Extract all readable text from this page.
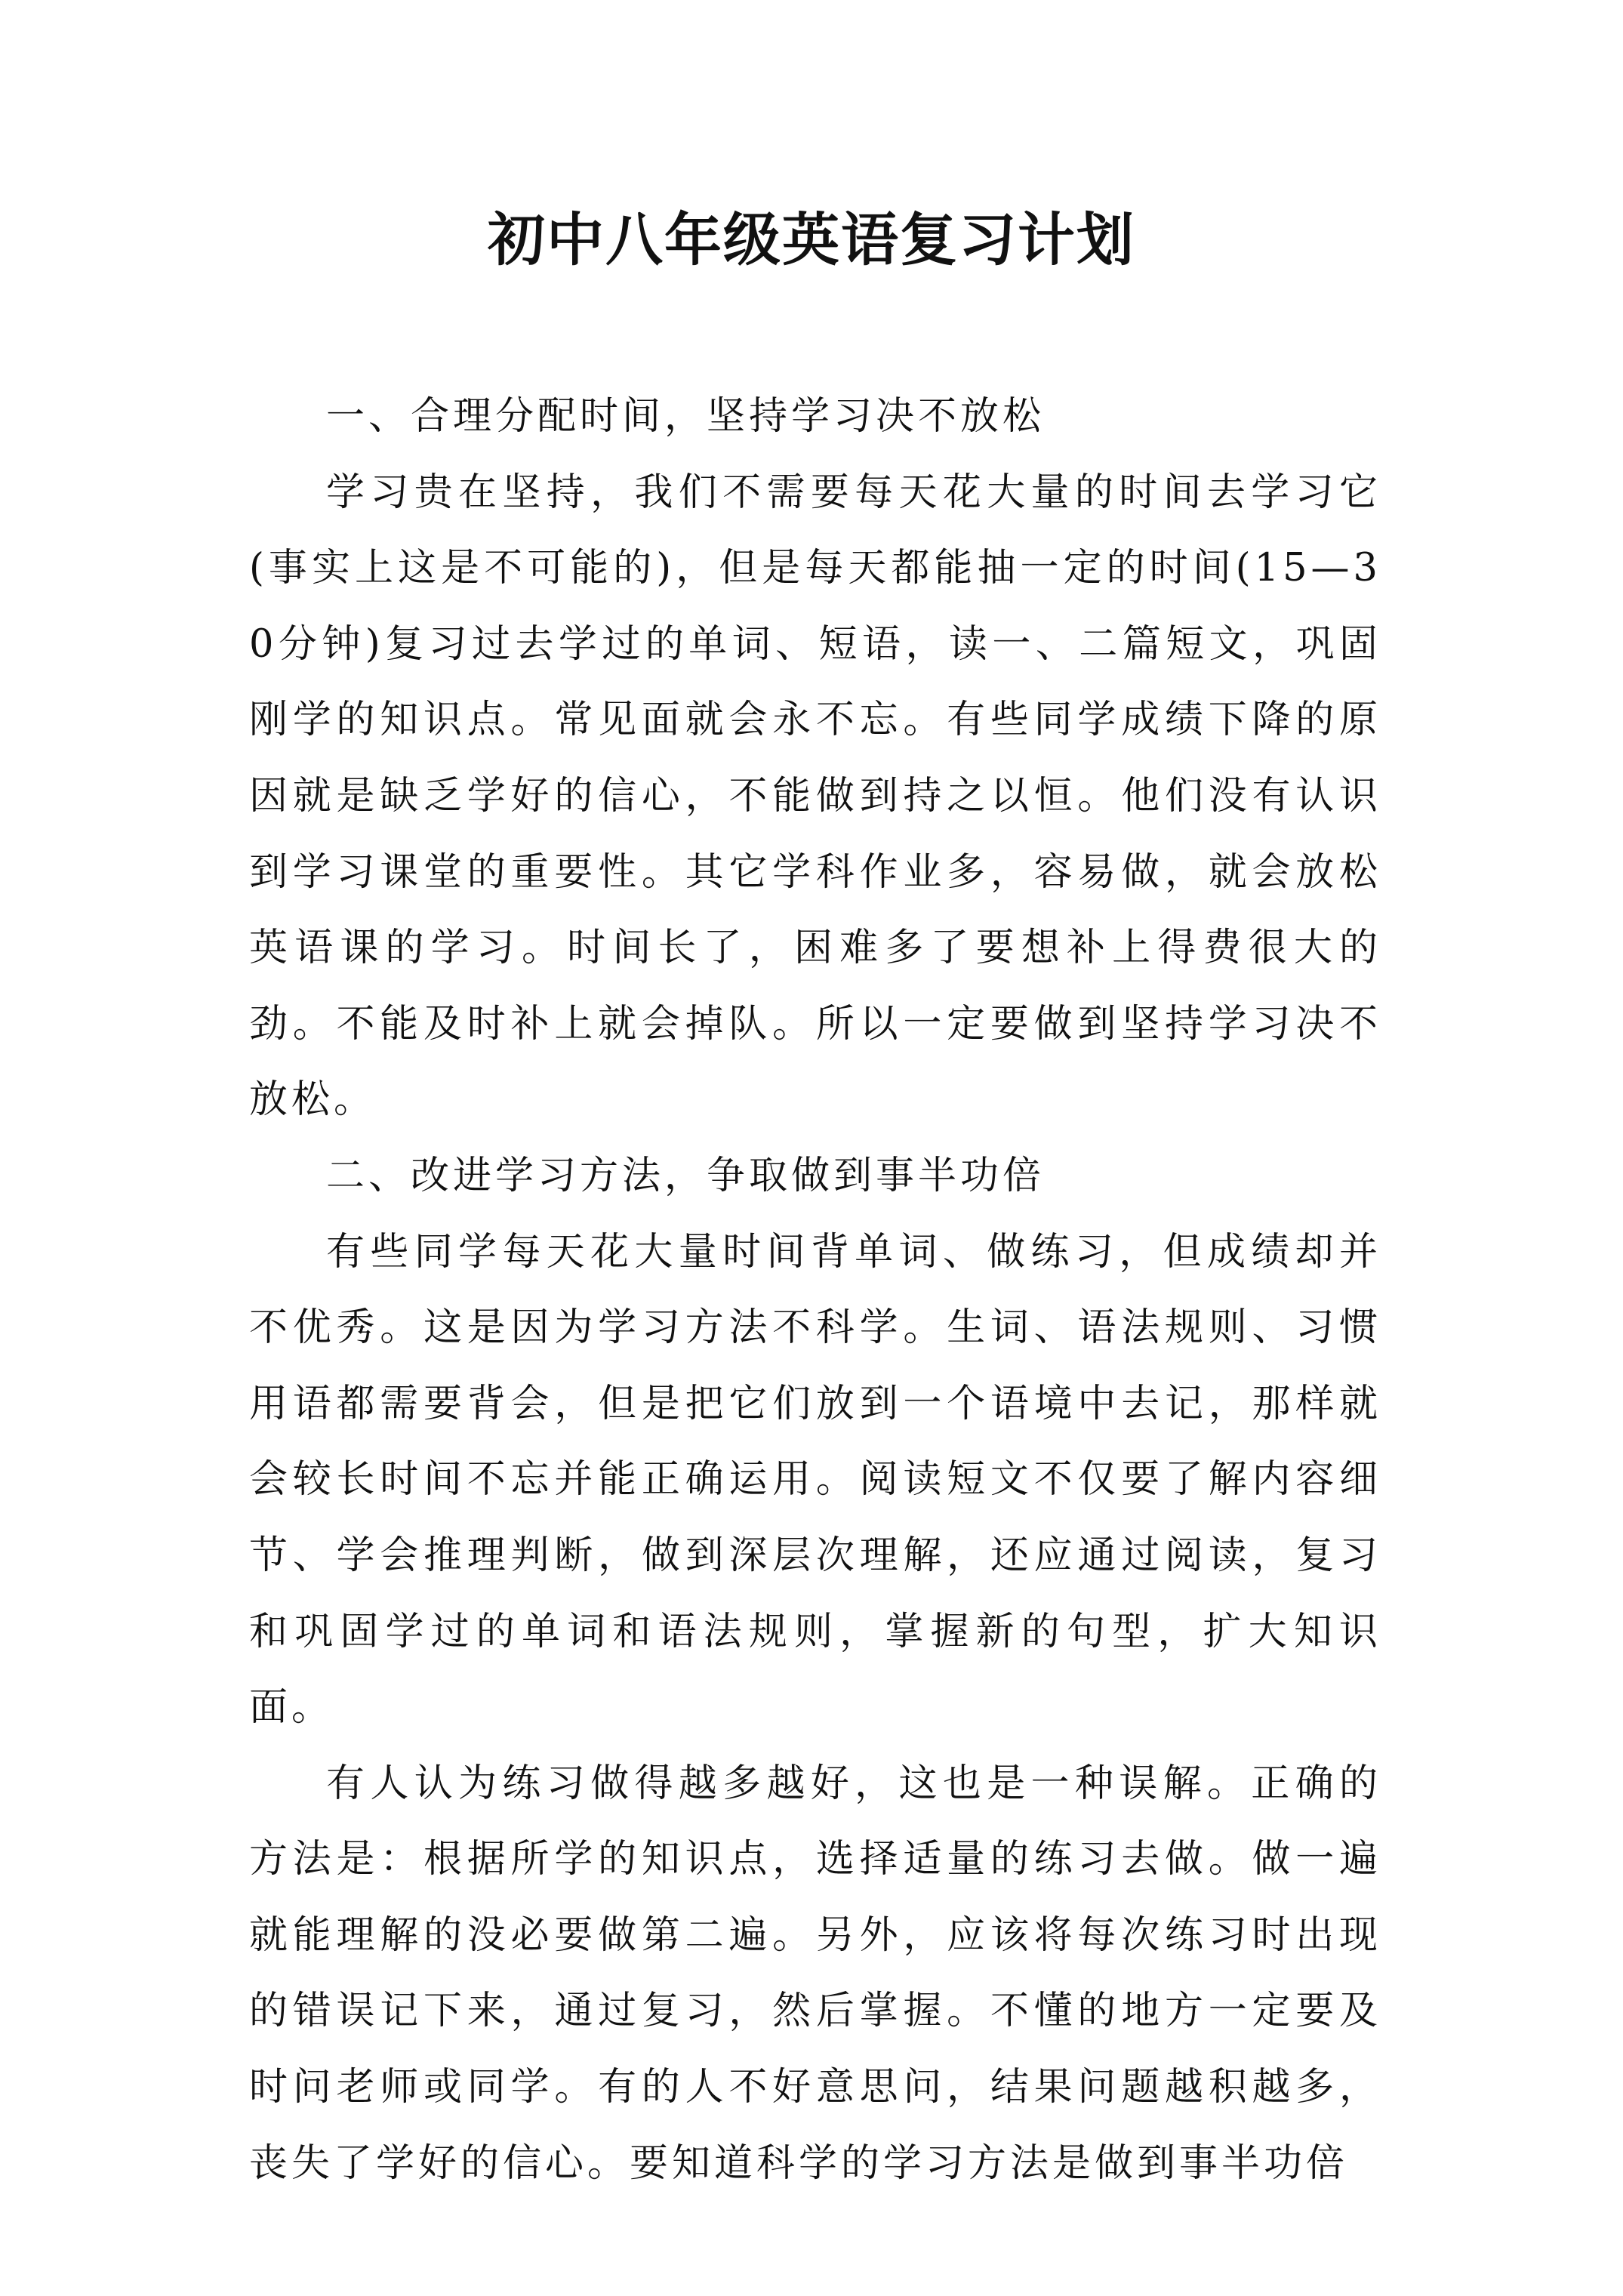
初中八年级英语复习计划

一、合理分配时间，坚持学习决不放松

学习贵在坚持，我们不需要每天花大量的时间去学习它(事实上这是不可能的)，但是每天都能抽一定的时间(15—30分钟)复习过去学过的单词、短语，读一、二篇短文，巩固刚学的知识点。常见面就会永不忘。有些同学成绩下降的原因就是缺乏学好的信心，不能做到持之以恒。他们没有认识到学习课堂的重要性。其它学科作业多，容易做，就会放松英语课的学习。时间长了，困难多了要想补上得费很大的劲。不能及时补上就会掉队。所以一定要做到坚持学习决不放松。

二、改进学习方法，争取做到事半功倍

有些同学每天花大量时间背单词、做练习，但成绩却并不优秀。这是因为学习方法不科学。生词、语法规则、习惯用语都需要背会，但是把它们放到一个语境中去记，那样就会较长时间不忘并能正确运用。阅读短文不仅要了解内容细节、学会推理判断，做到深层次理解，还应通过阅读，复习和巩固学过的单词和语法规则，掌握新的句型，扩大知识面。

有人认为练习做得越多越好，这也是一种误解。正确的方法是：根据所学的知识点，选择适量的练习去做。做一遍就能理解的没必要做第二遍。另外，应该将每次练习时出现的错误记下来，通过复习，然后掌握。不懂的地方一定要及时问老师或同学。有的人不好意思问，结果问题越积越多，丧失了学好的信心。要知道科学的学习方法是做到事半功倍
